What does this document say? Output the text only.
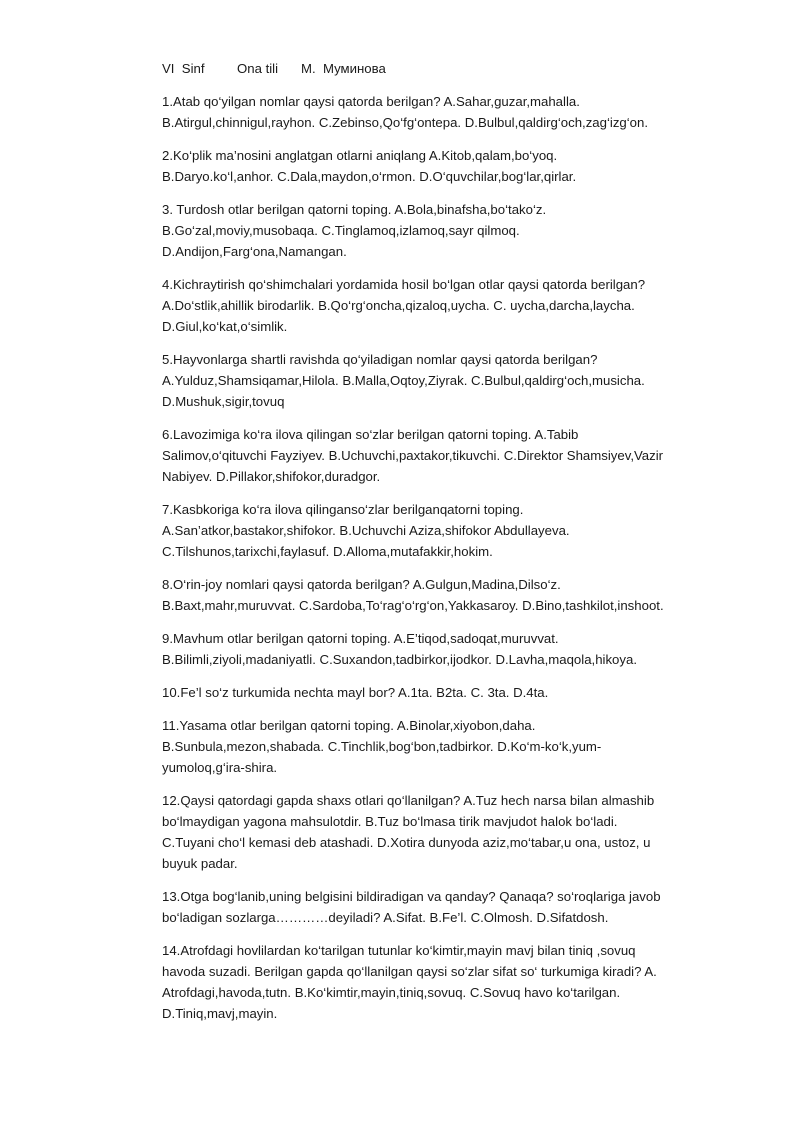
VI  Sinf	Ona tili	M.  Муминова

1.Atab qo‘yilgan nomlar qaysi qatorda berilgan? A.Sahar,guzar,mahalla.

B.Atirgul,chinnigul,rayhon. C.Zebinso,Qo‘fg‘ontepa. D.Bulbul,qaldirg‘och,zag‘izg‘on.

2.Ko‘plik ma’nosini anglatgan otlarni aniqlang A.Kitob,qalam,bo‘yoq.

B.Daryo.ko‘l,anhor. C.Dala,maydon,o‘rmon. D.O‘quvchilar,bog‘lar,qirlar.

3. Turdosh otlar berilgan qatorni toping. A.Bola,binafsha,bo‘tako‘z.

B.Go‘zal,moviy,musobaqa. C.Tinglamoq,izlamoq,sayr qilmoq.

D.Andijon,Farg‘ona,Namangan.

4.Kichraytirish qo‘shimchalari yordamida hosil bo‘lgan otlar qaysi qatorda berilgan?

A.Do‘stlik,ahillik birodarlik. B.Qo‘rg‘oncha,qizaloq,uycha. C. uycha,darcha,laycha.

D.Giul,ko‘kat,o‘simlik.

5.Hayvonlarga shartli ravishda qo‘yiladigan nomlar qaysi qatorda berilgan?

A.Yulduz,Shamsiqamar,Hilola. B.Malla,Oqtoy,Ziyrak. C.Bulbul,qaldirg‘och,musicha.

D.Mushuk,sigir,tovuq

6.Lavozimiga ko‘ra ilova qilingan so‘zlar berilgan qatorni toping. A.Tabib

Salimov,o‘qituvchi Fayziyev. B.Uchuvchi,paxtakor,tikuvchi. C.Direktor Shamsiyev,Vazir

Nabiyev. D.Pillakor,shifokor,duradgor.

7.Kasbkoriga ko‘ra ilova qilinganso‘zlar berilganqatorni toping.

A.San’atkor,bastakor,shifokor. B.Uchuvchi Aziza,shifokor Abdullayeva.

C.Tilshunos,tarixchi,faylasuf. D.Alloma,mutafakkir,hokim.

8.O‘rin-joy nomlari qaysi qatorda berilgan? A.Gulgun,Madina,Dilso‘z.

B.Baxt,mahr,muruvvat. C.Sardoba,To‘rag‘o‘rg‘on,Yakkasaroy. D.Bino,tashkilot,inshoot.

9.Mavhum otlar berilgan qatorni toping. A.E’tiqod,sadoqat,muruvvat.

B.Bilimli,ziyoli,madaniyatli. C.Suxandon,tadbirkor,ijodkor. D.Lavha,maqola,hikoya.

10.Fe’l so‘z turkumida nechta mayl bor? A.1ta. B2ta. C. 3ta. D.4ta.

11.Yasama otlar berilgan qatorni toping. A.Binolar,xiyobon,daha.

B.Sunbula,mezon,shabada. C.Tinchlik,bog‘bon,tadbirkor. D.Ko‘m-ko‘k,yum-

yumoloq,g‘ira-shira.

12.Qaysi qatordagi gapda shaxs otlari qo‘llanilgan? A.Tuz hech narsa bilan almashib

bo‘lmaydigan yagona mahsulotdir. B.Tuz bo‘lmasa tirik mavjudot halok bo‘ladi.

C.Tuyani cho‘l kemasi deb atashadi. D.Xotira dunyoda aziz,mo‘tabar,u ona, ustoz, u

buyuk padar.

13.Otga bog‘lanib,uning belgisini bildiradigan va qanday? Qanaqa? so‘roqlariga javob

bo‘ladigan sozlarga…………deyiladi? A.Sifat. B.Fe’l. C.Olmosh. D.Sifatdosh.

14.Atrofdagi hovlilardan ko‘tarilgan tutunlar ko‘kimtir,mayin mavj bilan tiniq ,sovuq

havoda suzadi. Berilgan gapda qo‘llanilgan qaysi so‘zlar sifat so‘ turkumiga kiradi? A.

Atrofdagi,havoda,tutn. B.Ko‘kimtir,mayin,tiniq,sovuq. C.Sovuq havo ko‘tarilgan.

D.Tiniq,mavj,mayin.
